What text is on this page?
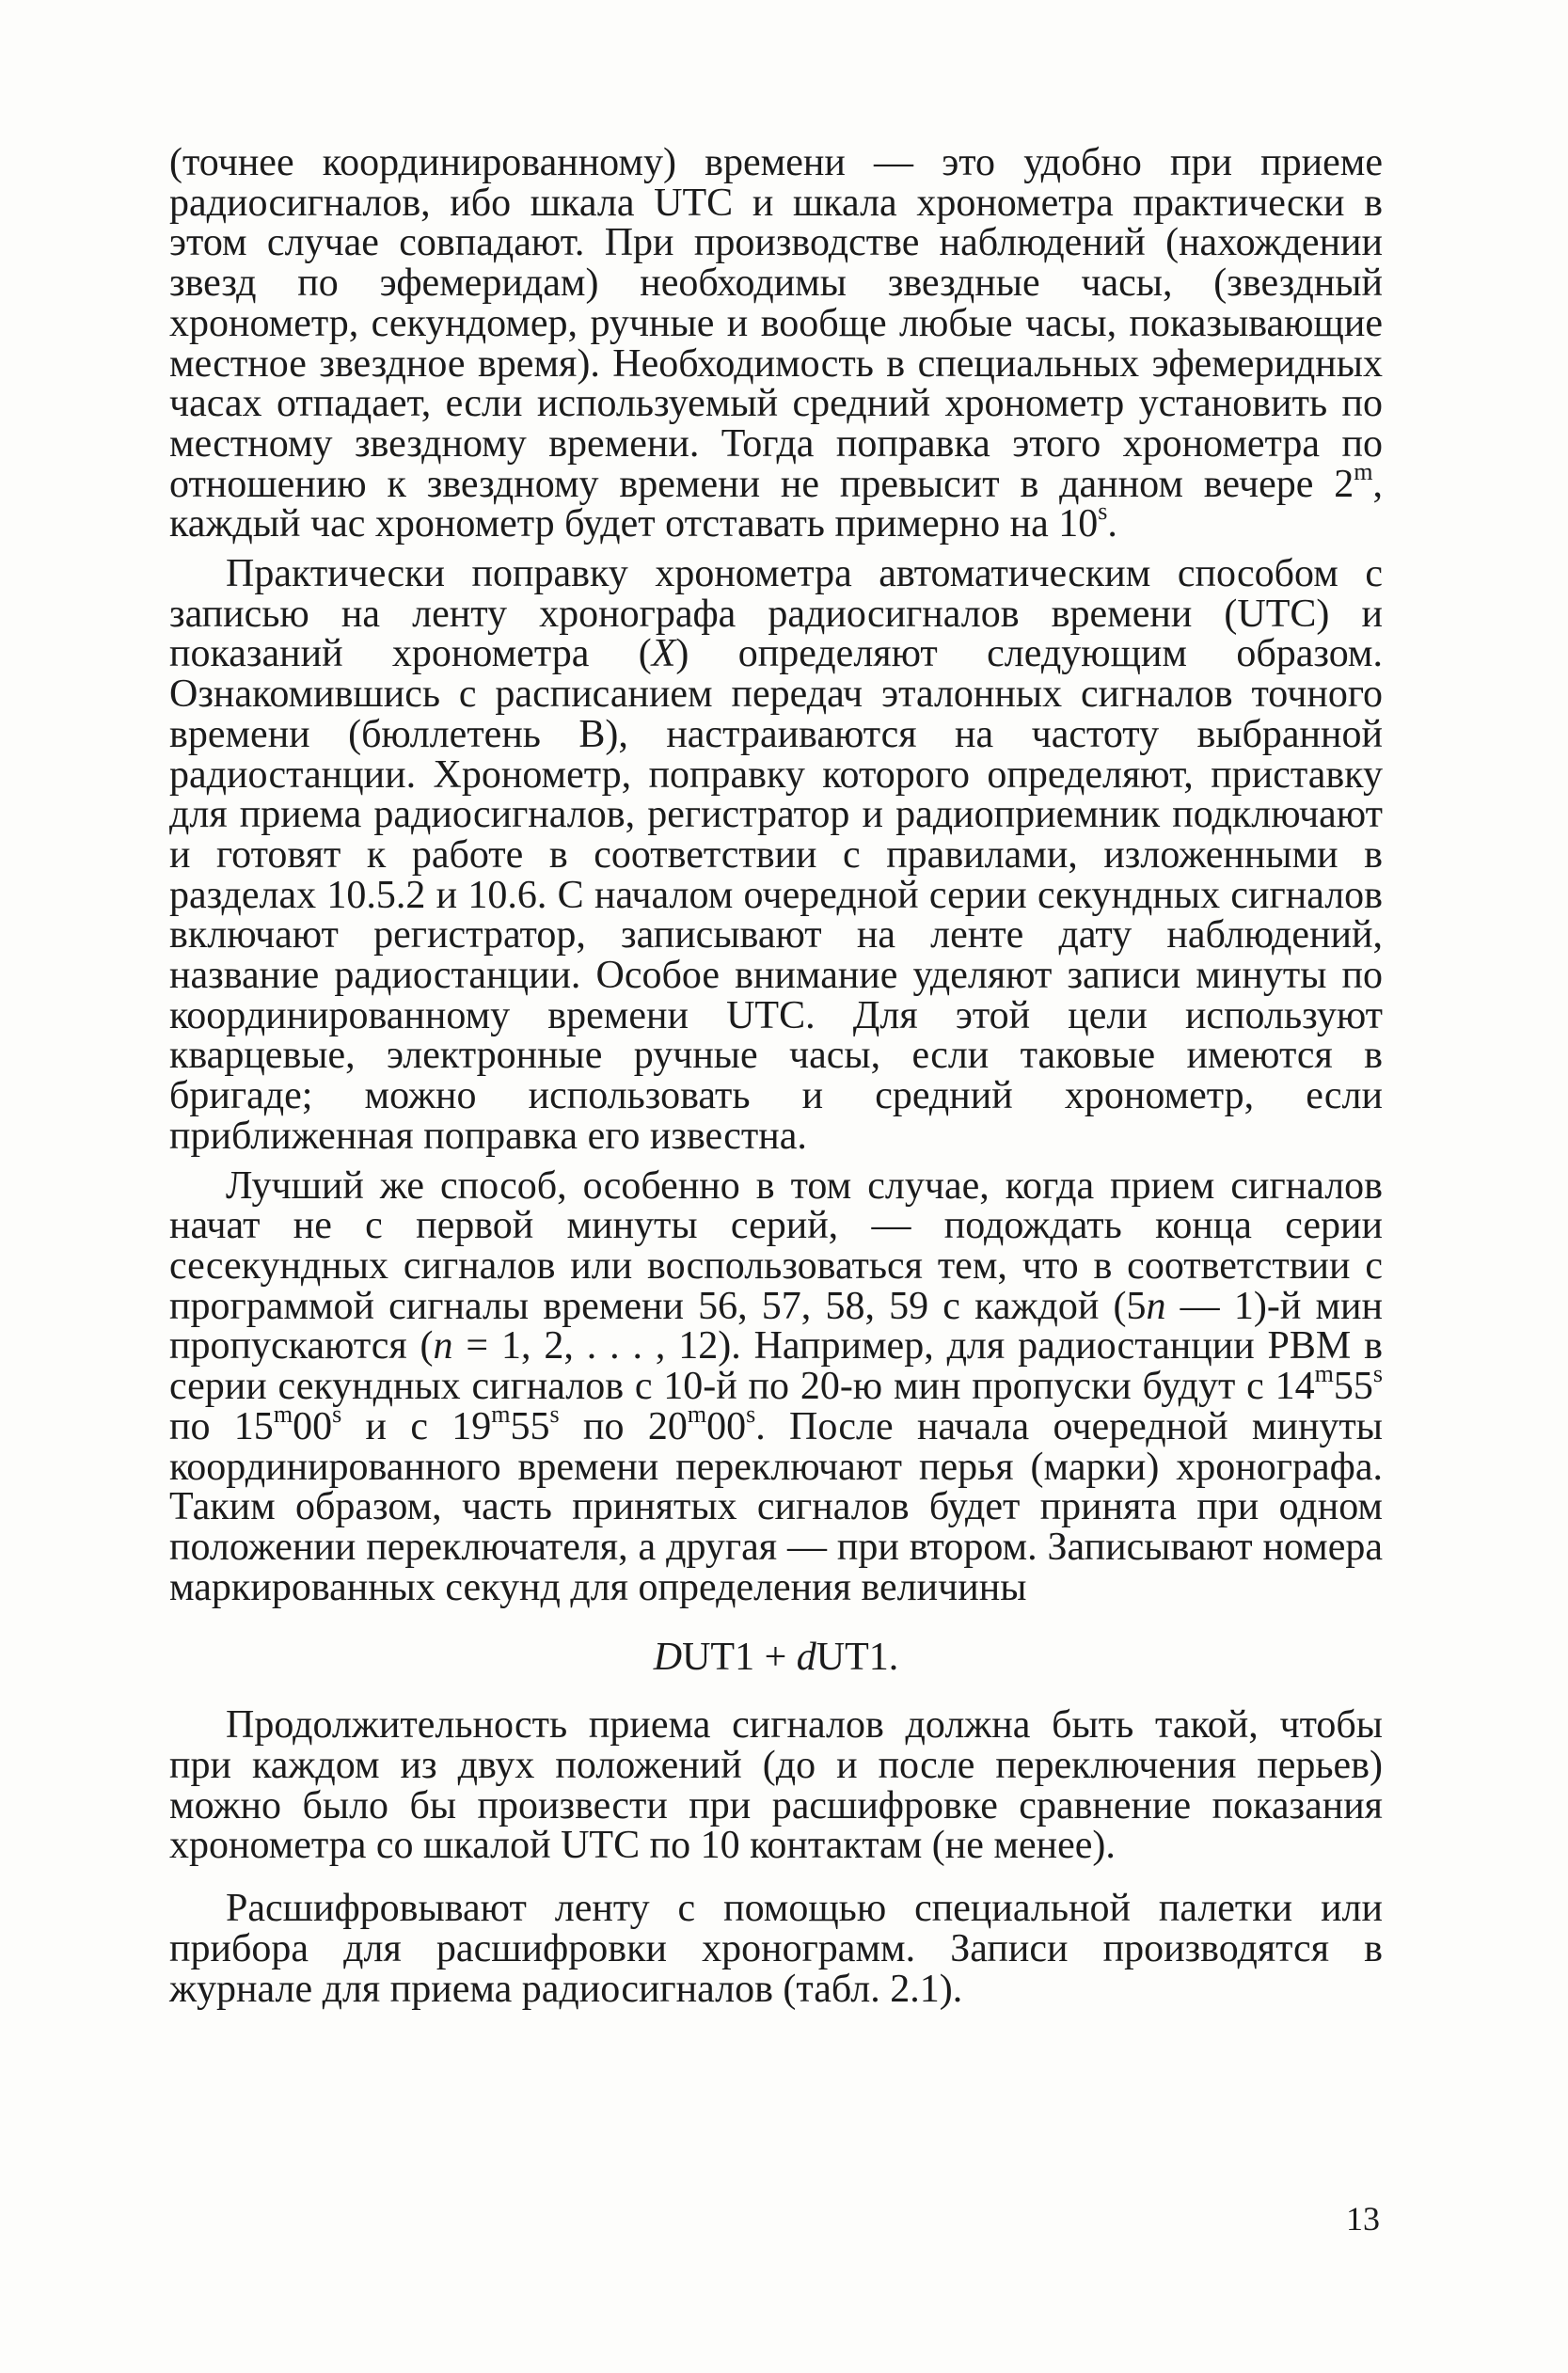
(точнее координированному) времени — это удобно при приеме радиосигналов, ибо шкала UTC и шкала хронометра практически в этом случае совпадают. При производстве наблюдений (нахождении звезд по эфемеридам) необходимы звездные часы, (звездный хронометр, секундомер, ручные и вообще любые часы, показывающие местное звездное время). Необходимость в специальных эфемеридных часах отпадает, если используемый средний хронометр установить по местному звездному времени. Тогда поправка этого хронометра по отношению к звездному времени не превысит в данном вечере 2$^m$, каждый час хронометр будет отставать примерно на 10$^s$.

Практически поправку хронометра автоматическим способом с записью на ленту хронографа радиосигналов времени (UTC) и показаний хронометра (X) определяют следующим образом. Ознакомившись с расписанием передач эталонных сигналов точного времени (бюллетень В), настраиваются на частоту выбранной радиостанции. Хронометр, поправку которого определяют, приставку для приема радиосигналов, регистратор и радиоприемник подключают и готовят к работе в соответствии с правилами, изложенными в разделах 10.5.2 и 10.6. С началом очередной серии секундных сигналов включают регистратор, записывают на ленте дату наблюдений, название радиостанции. Особое внимание уделяют записи минуты по координированному времени UTC. Для этой цели используют кварцевые, электронные ручные часы, если таковые имеются в бригаде; можно использовать и средний хронометр, если приближенная поправка его известна.

Лучший же способ, особенно в том случае, когда прием сигналов начат не с первой минуты серий, — подождать конца серии сесекундных сигналов или воспользоваться тем, что в соответствии с программой сигналы времени 56, 57, 58, 59 с каждой (5n — 1)-й мин пропускаются (n = 1, 2, . . . , 12). Например, для радиостанции РВМ в серии секундных сигналов с 10-й по 20-ю мин пропуски будут с 14$^m$55$^s$ по 15$^m$00$^s$ и с 19$^m$55$^s$ по 20$^m$00$^s$. После начала очередной минуты координированного времени переключают перья (марки) хронографа. Таким образом, часть принятых сигналов будет принята при одном положении переключателя, а другая — при втором. Записывают номера маркированных секунд для определения величины

DUT1 + dUT1.

Продолжительность приема сигналов должна быть такой, чтобы при каждом из двух положений (до и после переключения перьев) можно было бы произвести при расшифровке сравнение показания хронометра со шкалой UTC по 10 контактам (не менее).

Расшифровывают ленту с помощью специальной палетки или прибора для расшифровки хронограмм. Записи производятся в журнале для приема радиосигналов (табл. 2.1).

13
